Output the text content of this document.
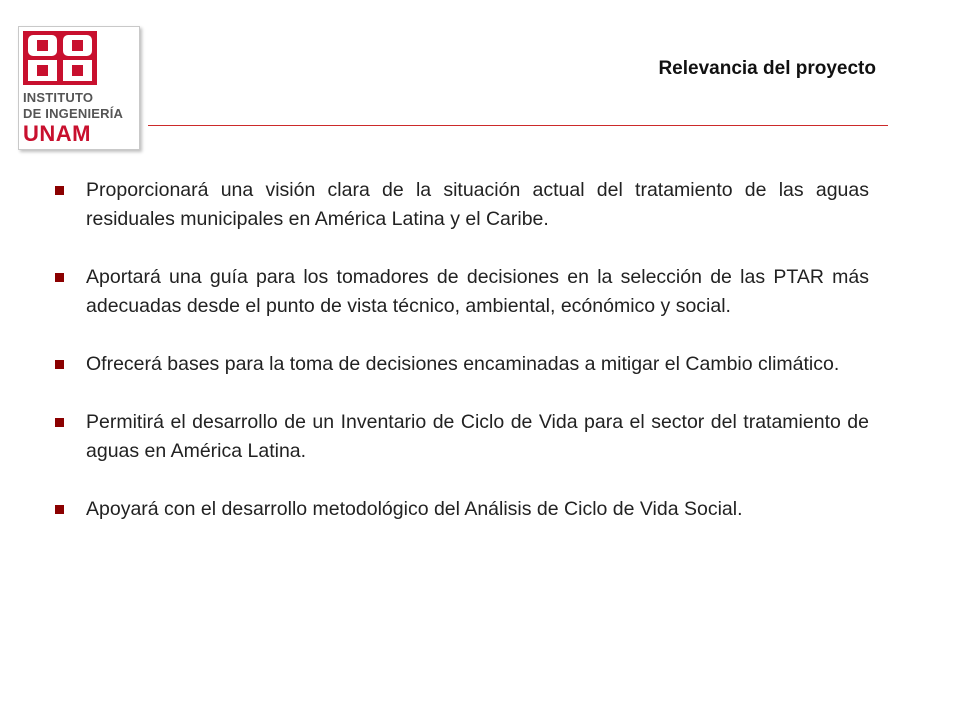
INSTITUTO
DE INGENIERÍA
UNAM
Relevancia del proyecto
Proporcionará una visión clara de la situación actual del tratamiento de las aguas residuales municipales en América Latina y el Caribe.
Aportará una guía para los tomadores de decisiones en la selección de las PTAR más adecuadas desde el punto de vista técnico, ambiental, ecónómico y social.
Ofrecerá bases para la toma de decisiones encaminadas a mitigar el Cambio climático.
Permitirá el desarrollo de un Inventario de Ciclo de Vida para el sector del tratamiento de aguas en América Latina.
Apoyará con el desarrollo metodológico del Análisis de Ciclo de Vida Social.
